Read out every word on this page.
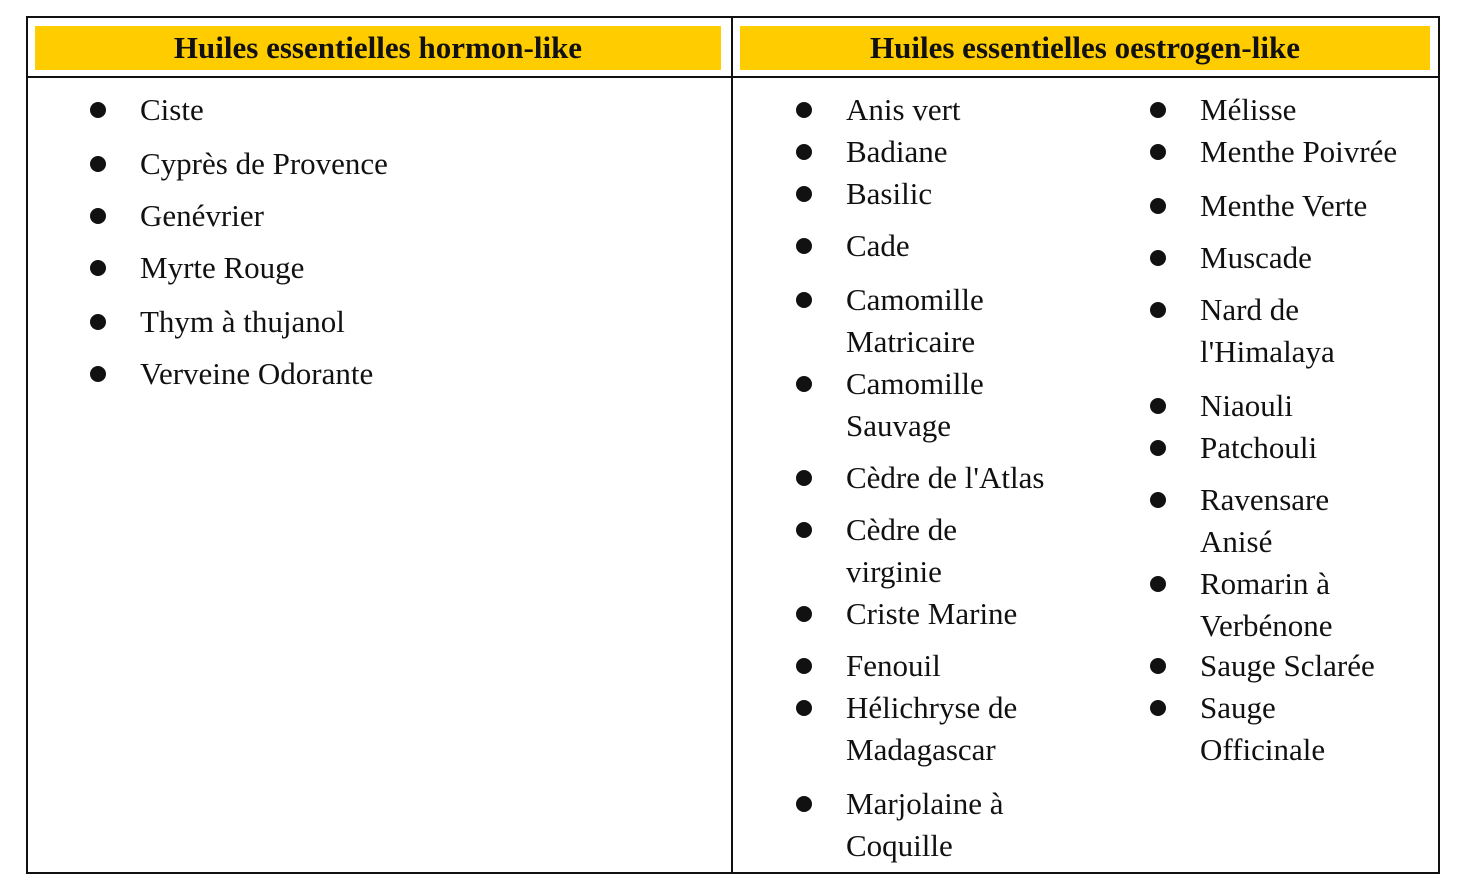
Huiles essentielles hormon-like	Huiles essentielles oestrogen-like
Ciste
Cyprès de Provence
Genévrier
Myrte Rouge
Thym à thujanol
Verveine Odorante
Anis vert
Badiane
Basilic
Cade
Camomille
Matricaire
Camomille
Sauvage
Cèdre de l'Atlas
Cèdre de
virginie
Criste Marine
Fenouil
Hélichryse de
Madagascar
Marjolaine à
Coquille
Mélisse
Menthe Poivrée
Menthe Verte
Muscade
Nard de
l'Himalaya
Niaouli
Patchouli
Ravensare
Anisé
Romarin à
Verbénone
Sauge Sclarée
Sauge
Officinale
